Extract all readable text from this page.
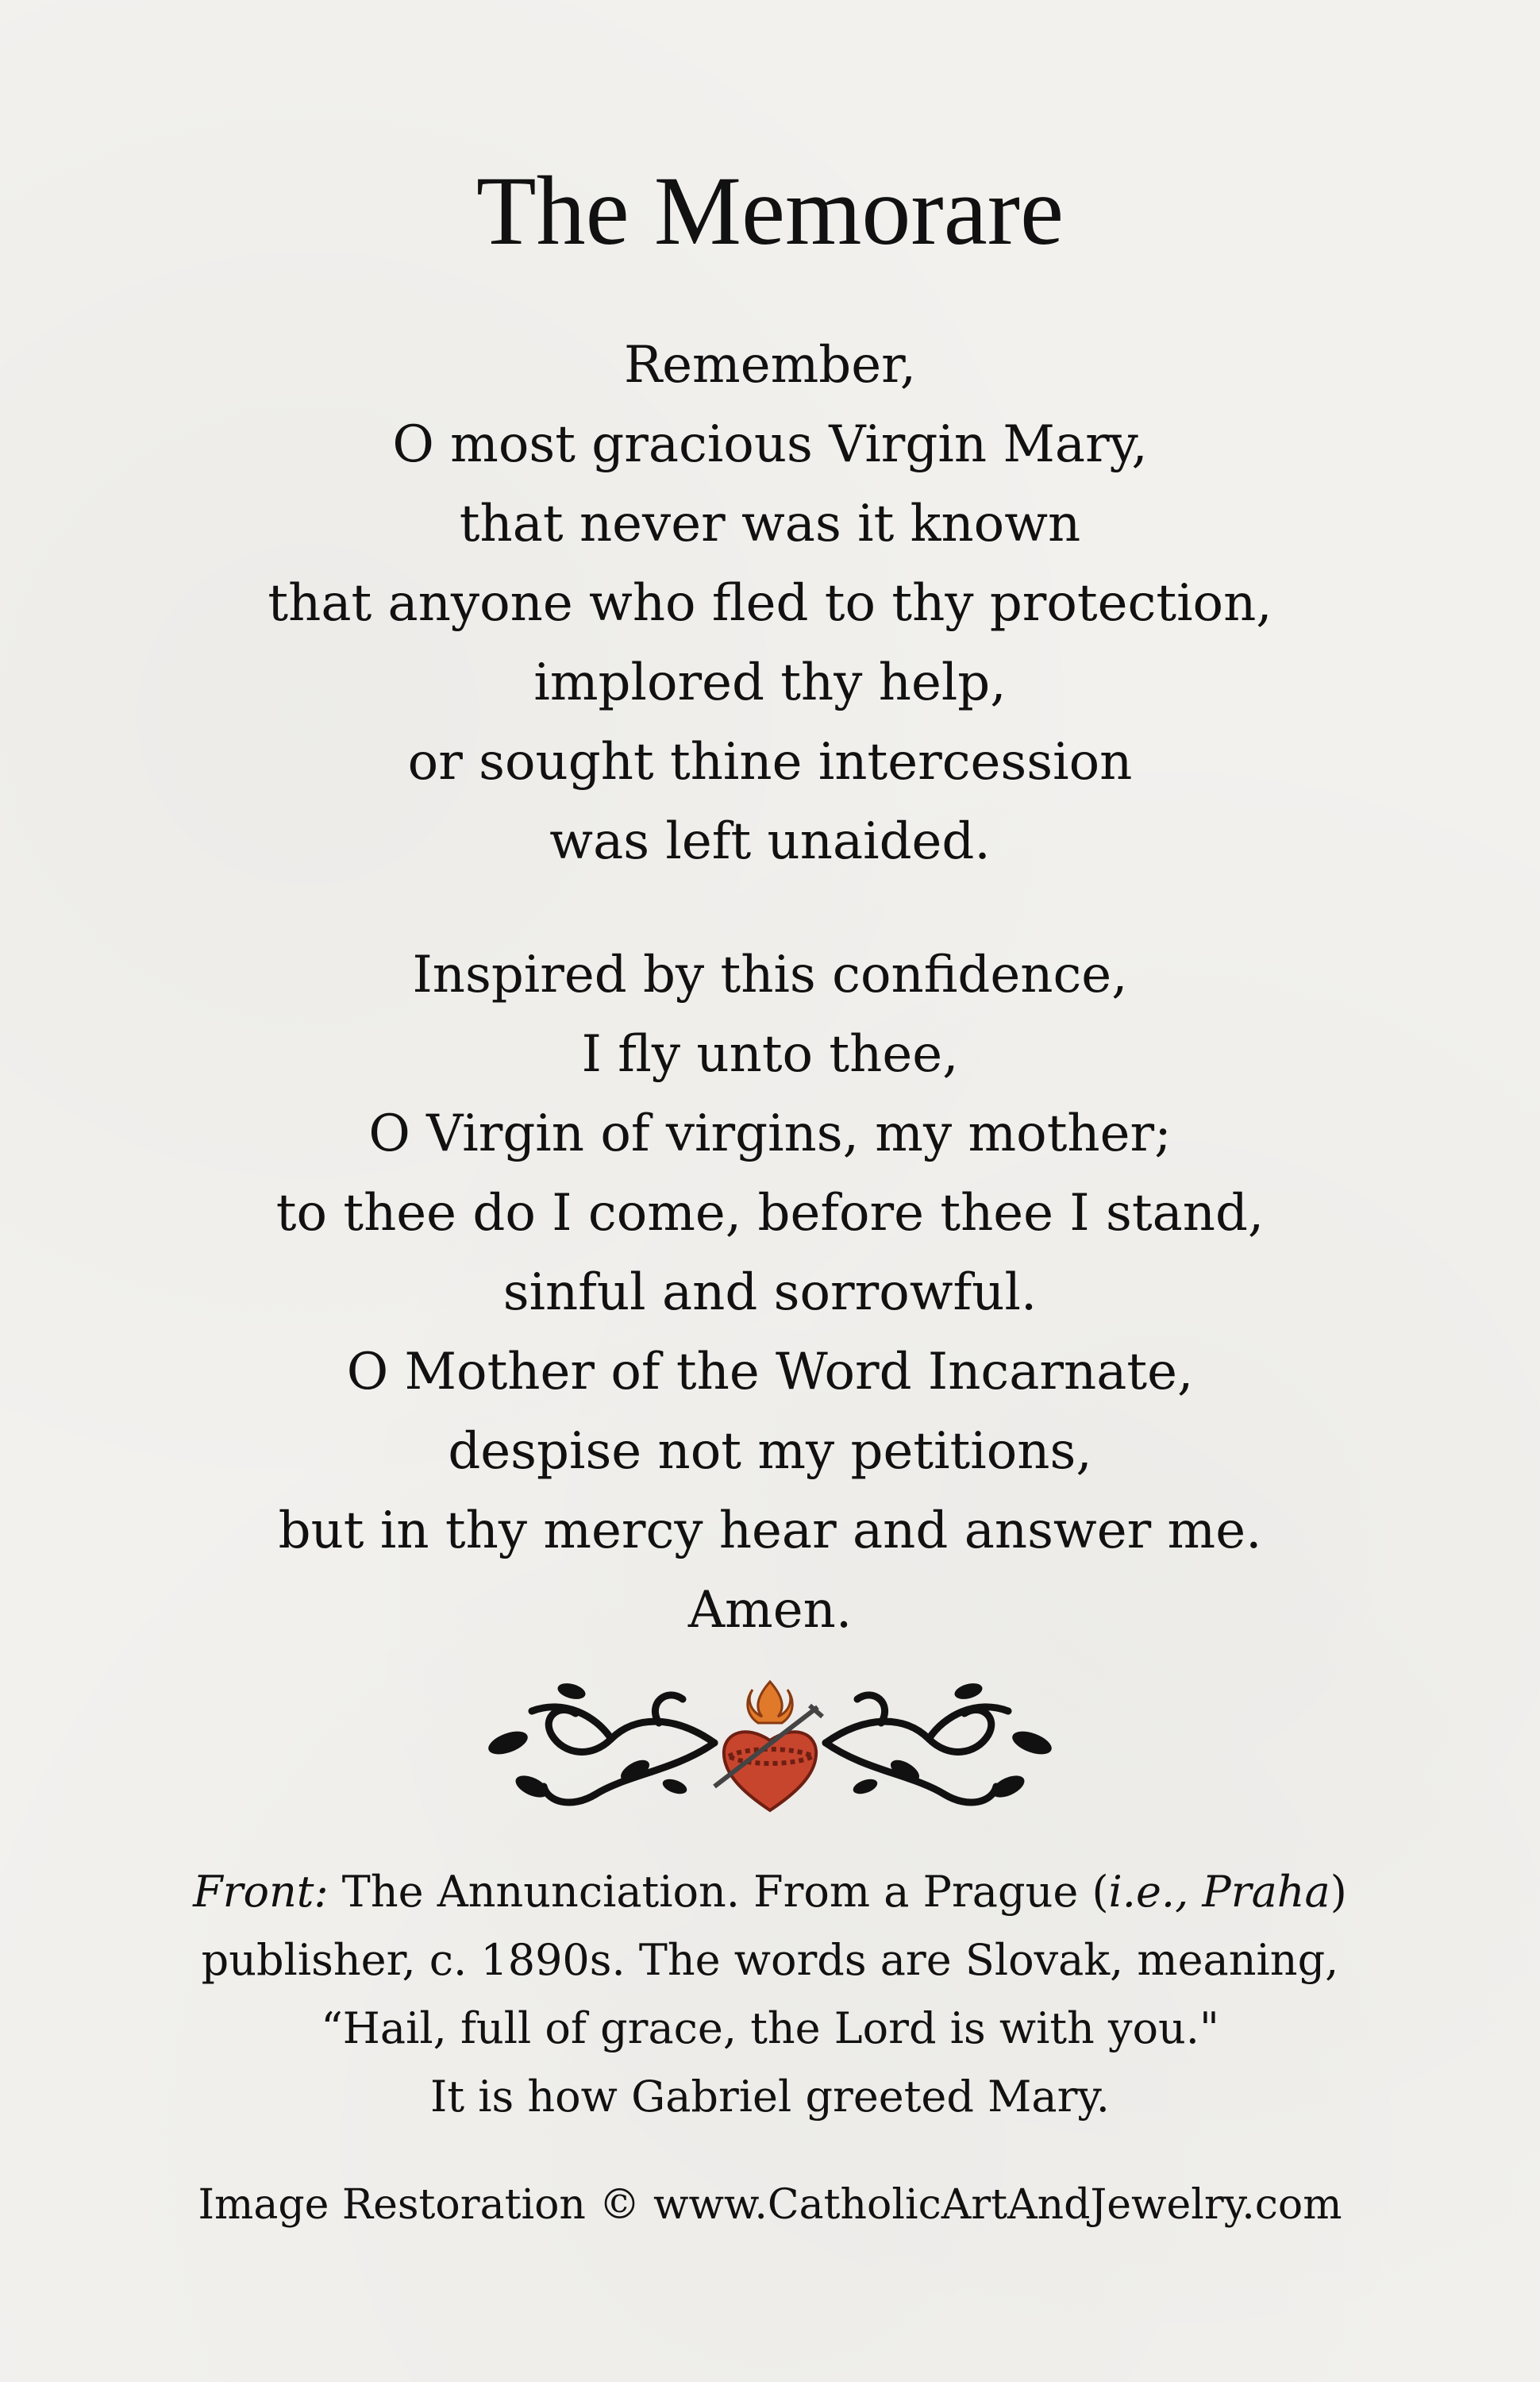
The Memorare
Remember,
O most gracious Virgin Mary,
that never was it known
that anyone who fled to thy protection,
implored thy help,
or sought thine intercession
was left unaided.
Inspired by this confidence,
I fly unto thee,
O Virgin of virgins, my mother;
to thee do I come, before thee I stand,
sinful and sorrowful.
O Mother of the Word Incarnate,
despise not my petitions,
but in thy mercy hear and answer me.
Amen.
Front: The Annunciation. From a Prague (i.e., Praha)
publisher, c. 1890s. The words are Slovak, meaning,
“Hail, full of grace, the Lord is with you."
It is how Gabriel greeted Mary.
Image Restoration © www.CatholicArtAndJewelry.com
